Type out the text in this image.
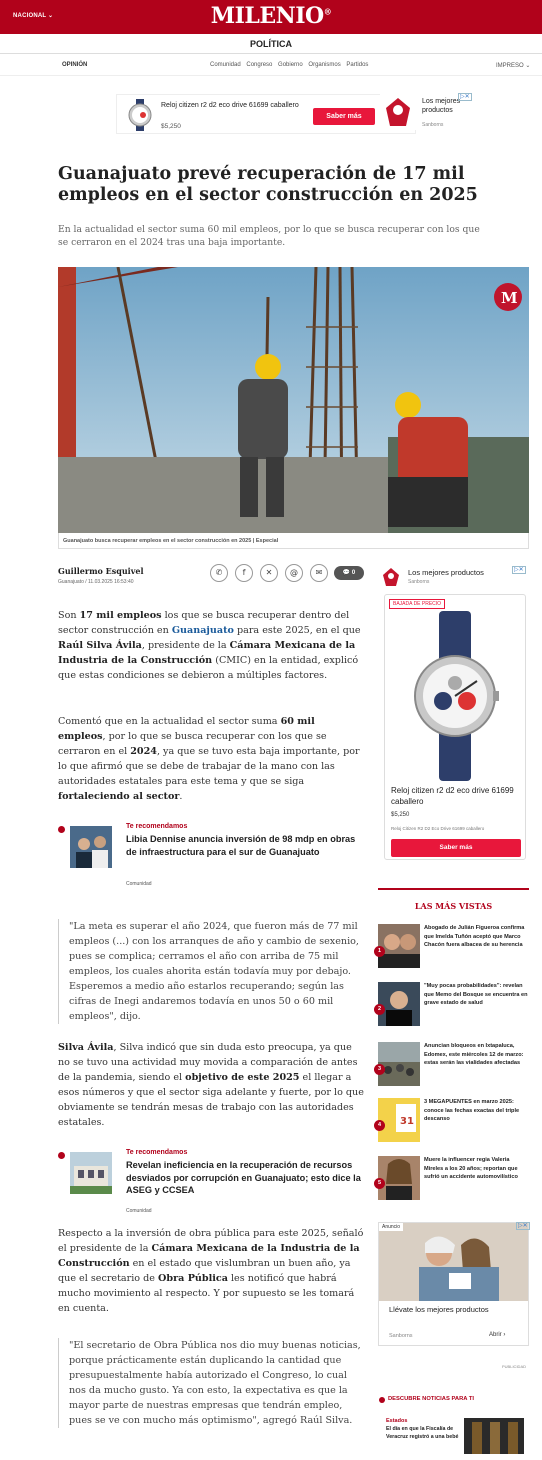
NACIONAL ⌄	MILENIO®
POLÍTICA
OPINIÓN	Comunidad Congreso Gobierno Organismos Partidos	IMPRESO ⌄
Reloj citizen r2 d2 eco drive 61699 caballero
$5,250
Saber más
Los mejores productos
Sanborns
▷✕
Guanajuato prevé recuperación de 17 mil empleos en el sector construcción en 2025

En la actualidad el sector suma 60 mil empleos, por lo que se busca recuperar con los que se cerraron en el 2024 tras una baja importante.

M
Guanajuato busca recuperar empleos en el sector construcción en 2025 | Especial
Guillermo Esquivel
Guanajuato / 11.03.2025 16:53:40
✆	f	✕	@	✉	💬 0

Son 17 mil empleos los que se busca recuperar dentro del sector construcción en Guanajuato para este 2025, en el que Raúl Silva Ávila, presidente de la Cámara Mexicana de la Industria de la Construcción (CMIC) en la entidad, explicó que estas condiciones se debieron a múltiples factores.

Comentó que en la actualidad el sector suma 60 mil empleos, por lo que se busca recuperar con los que se cerraron en el 2024, ya que se tuvo esta baja importante, por lo que afirmó que se debe de trabajar de la mano con las autoridades estatales para este tema y que se siga fortaleciendo al sector.

Te recomendamos
Libia Dennise anuncia inversión de 98 mdp en obras de infraestructura para el sur de Guanajuato
Comunidad

"La meta es superar el año 2024, que fueron más de 77 mil empleos (...) con los arranques de año y cambio de sexenio, pues se complica; cerramos el año con arriba de 75 mil empleos, los cuales ahorita están todavía muy por debajo. Esperemos a medio año estarlos recuperando; según las cifras de Inegi andaremos todavía en unos 50 o 60 mil empleos", dijo.

Silva Ávila, Silva indicó que sin duda esto preocupa, ya que no se tuvo una actividad muy movida a comparación de antes de la pandemia, siendo el objetivo de este 2025 el llegar a esos números y que el sector siga adelante y fuerte, por lo que obviamente se tendrán mesas de trabajo con las autoridades estatales.

Te recomendamos
Revelan ineficiencia en la recuperación de recursos desviados por corrupción en Guanajuato; esto dice la ASEG y CCSEA
Comunidad

Respecto a la inversión de obra pública para este 2025, señaló el presidente de la Cámara Mexicana de la Industria de la Construcción en el estado que vislumbran un buen año, ya que el secretario de Obra Pública les notificó que habrá mucho movimiento al respecto. Y por supuesto se les tomará en cuenta.

"El secretario de Obra Pública nos dio muy buenas noticias, porque prácticamente están duplicando la cantidad que presupuestalmente había autorizado el Congreso, lo cual nos da mucho gusto. Ya con esto, la expectativa es que la mayor parte de nuestras empresas que tendrán empleo, pues se ve con mucho más optimismo", agregó Raúl Silva.

Los mejores productos
Sanborns
BAJADA DE PRECIO
Reloj citizen r2 d2 eco drive 61699 caballero
$5,250
Reloj Citizen R2 D2 Eco Drive 61699 caballero
Saber más
▷✕
LAS MÁS VISTAS
1
Abogado de Julián Figueroa confirma que Imelda Tuñón aceptó que Marco Chacón fuera albacea de su herencia
2
"Muy pocas probabilidades": revelan que Memo del Bosque se encuentra en grave estado de salud
3
Anuncian bloqueos en Ixtapaluca, Edomex, este miércoles 12 de marzo: estas serán las vialidades afectadas
31
4
3 MEGAPUENTES en marzo 2025: conoce las fechas exactas del triple descanso
5
Muere la influencer regia Valeria Mireles a los 20 años; reportan que sufrió un accidente automovilístico
Anuncio
Llévate los mejores productos
Sanborns	Abrir ›
▷✕
PUBLICIDAD
DESCUBRE NOTICIAS PARA TI
Estados
El día en que la Fiscalía de Veracruz registró a una bebé
